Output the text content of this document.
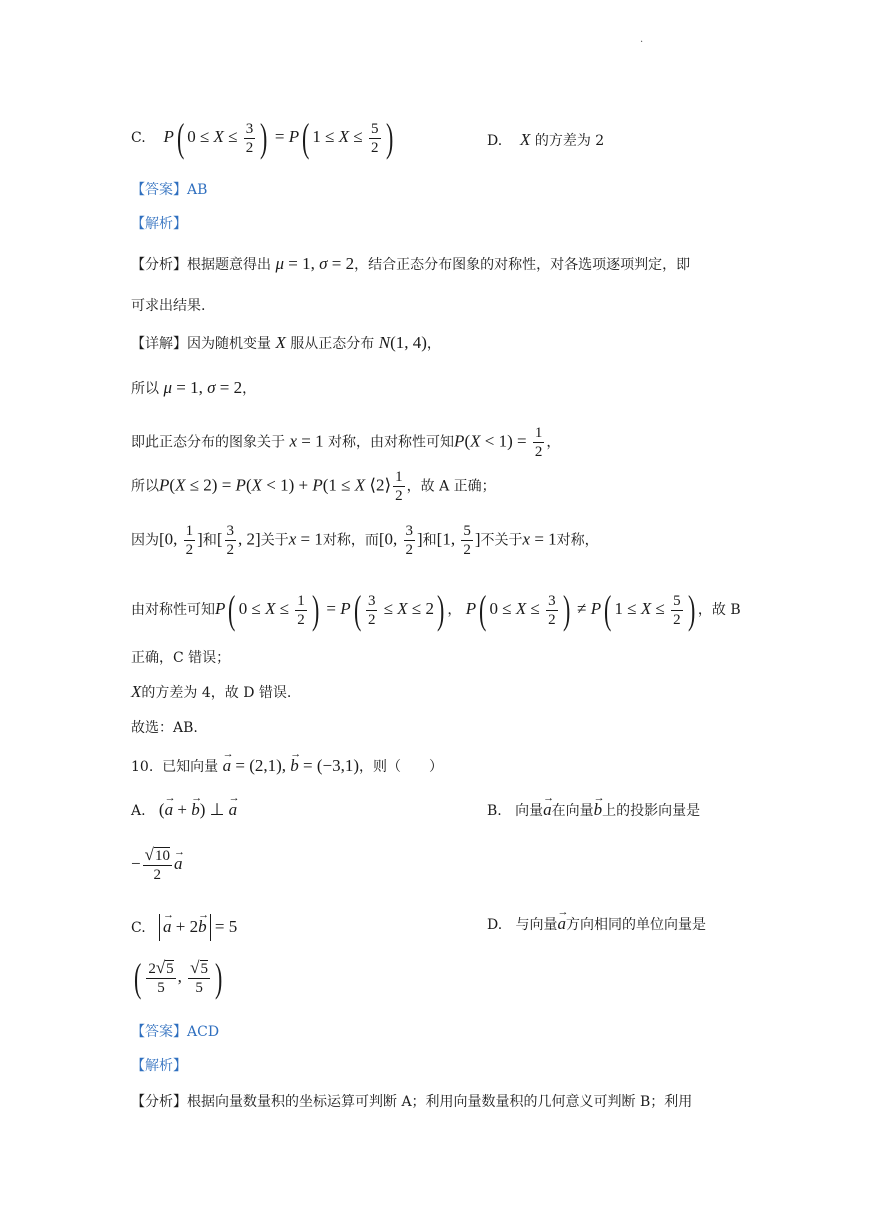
.
C. P( $0 \le X \le \frac{3}{2}$ ) = P( $1 \le X \le \frac{5}{2}$ )	D. X 的方差为 2
【答案】AB
【解析】
【分析】根据题意得出 μ = 1, σ = 2，结合正态分布图象的对称性，对各选项逐项判定，即
可求出结果.
【详解】因为随机变量 X 服从正态分布 N(1, 4)，
所以 μ = 1, σ = 2，
即此正态分布的图象关于 x = 1 对称，由对称性可知$P(X < 1) = \frac{1}{2}$ ，
所以P(X ≤ 2) = P(X < 1) + P(1 ≤ X ⟨2⟩ $\frac{1}{2}$ ，故 A 正确；
因为[0, $\frac{1}{2}$ ]和[ $\frac{3}{2}$ , 2]关于x = 1对称，而[0, $\frac{3}{2}$ ]和[1, $\frac{5}{2}$ ]不关于x = 1对称，
由对称性可知P( $0 \le X \le \frac{1}{2}$ ) = $P( \frac{3}{2} \le X \le 2)$ ， P( $0 \le X \le \frac{3}{2}$ ) ≠ P( $1 \le X \le \frac{5}{2}$ ) ，故 B
正确，C 错误；
X的方差为 4，故 D 错误.
故选：AB.
10. 已知向量 → a = (2,1), → b = (−3,1)，则（　　）
A. (→ a + → b) ⊥ → a	B. 向量→ a在向量→ b上的投影向量是
− $\frac{√10}{2}$
→ a
C.   → a + 2→ b = 5	D. 与向量→ a方向相同的单位向量是
( $\frac{2√5}{5}$ , $\frac{√5}{5}$ )
【答案】ACD
【解析】
【分析】根据向量数量积的坐标运算可判断 A；利用向量数量积的几何意义可判断 B；利用
